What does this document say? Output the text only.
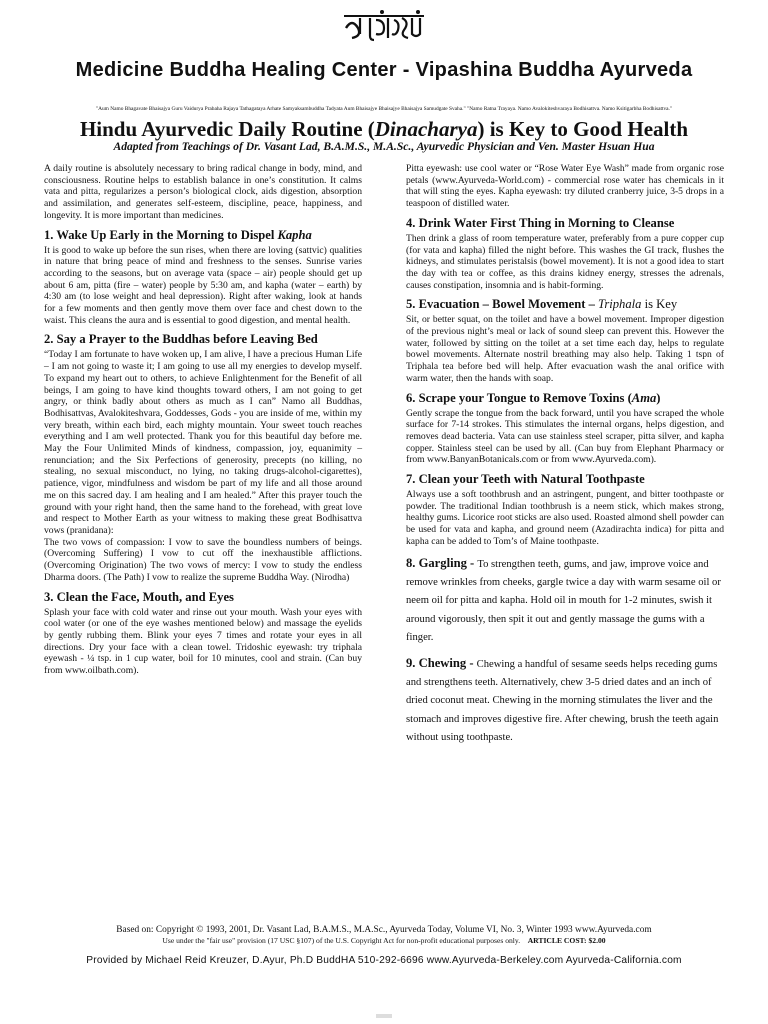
Medicine Buddha Healing Center - Vipashina Buddha Ayurveda
"Aum Namo Bhagavate Bhaisajya Guru Vaidurya Prabaha Rajaya Tathagataya Arhate Samyaksambuddha Tadyata Aum Bhaisajye Bhaisajye Bhaisajya Samudgate Svaha." "Namo Ratna Trayaya. Namo Avalokiteshvaraya Bodhisattva. Namo Ksitigarbha Bodhisattva."
Hindu Ayurvedic Daily Routine (Dinacharya) is Key to Good Health
Adapted from Teachings of Dr. Vasant Lad, B.A.M.S., M.A.Sc., Ayurvedic Physician and Ven. Master Hsuan Hua

A daily routine is absolutely necessary to bring radical change in body, mind, and consciousness. Routine helps to establish balance in one’s constitution. It calms vata and pitta, regularizes a person’s biological clock, aids digestion, absorption and assimilation, and generates self-esteem, discipline, peace, happiness, and longevity. It is more important than medicines.

1. Wake Up Early in the Morning to Dispel Kapha

It is good to wake up before the sun rises, when there are loving (sattvic) qualities in nature that bring peace of mind and freshness to the senses. Sunrise varies according to the seasons, but on average vata (space – air) people should get up about 6 am, pitta (fire – water) people by 5:30 am, and kapha (water – earth) by 4:30 am (to lose weight and heal depression). Right after waking, look at hands for a few moments and then gently move them over face and chest down to the waist. This cleans the aura and is essential to good digestion, and mental health.

2. Say a Prayer to the Buddhas before Leaving Bed

“Today I am fortunate to have woken up, I am alive, I have a precious Human Life – I am not going to waste it; I am going to use all my energies to develop myself. To expand my heart out to others, to achieve Enlightenment for the Benefit of all beings, I am going to have kind thoughts toward others, I am not going to get angry, or think badly about others as much as I can” Namo all Buddhas, Bodhisattvas, Avalokiteshvara, Goddesses, Gods - you are inside of me, within my very breath, within each bird, each mighty mountain. Your sweet touch reaches everything and I am well protected. Thank you for this beautiful day before me. May the Four Unlimited Minds of kindness, compassion, joy, equanimity – renunciation; and the Six Perfections of generosity, precepts (no killing, no stealing, no sexual misconduct, no lying, no taking drugs-alcohol-cigarettes), patience, vigor, mindfulness and wisdom be part of my life and all those around me on this sacred day. I am healing and I am healed.” After this prayer touch the ground with your right hand, then the same hand to the forehead, with great love and respect to Mother Earth as your witness to making these great Bodhisattva vows (pranidana):

The two vows of compassion: I vow to save the boundless numbers of beings. (Overcoming Suffering) I vow to cut off the inexhaustible afflictions. (Overcoming Origination) The two vows of mercy: I vow to study the endless Dharma doors. (The Path) I vow to realize the supreme Buddha Way. (Nirodha)

3. Clean the Face, Mouth, and Eyes

Splash your face with cold water and rinse out your mouth. Wash your eyes with cool water (or one of the eye washes mentioned below) and massage the eyelids by gently rubbing them. Blink your eyes 7 times and rotate your eyes in all directions. Dry your face with a clean towel. Tridoshic eyewash: try triphala eyewash - ¼ tsp. in 1 cup water, boil for 10 minutes, cool and strain. (Can buy from www.oilbath.com).

Pitta eyewash: use cool water or “Rose Water Eye Wash” made from organic rose petals (www.Ayurveda-World.com) - commercial rose water has chemicals in it that will sting the eyes. Kapha eyewash: try diluted cranberry juice, 3-5 drops in a teaspoon of distilled water.

4. Drink Water First Thing in Morning to Cleanse

Then drink a glass of room temperature water, preferably from a pure copper cup (for vata and kapha) filled the night before. This washes the GI track, flushes the kidneys, and stimulates peristalsis (bowel movement). It is not a good idea to start the day with tea or coffee, as this drains kidney energy, stresses the adrenals, causes constipation, insomnia and is habit-forming.

5. Evacuation – Bowel Movement – Triphala is Key

Sit, or better squat, on the toilet and have a bowel movement. Improper digestion of the previous night’s meal or lack of sound sleep can prevent this. However the water, followed by sitting on the toilet at a set time each day, helps to regulate bowel movements. Alternate nostril breathing may also help. Taking 1 tspn of Triphala tea before bed will help. After evacuation wash the anal orifice with warm water, then the hands with soap.

6. Scrape your Tongue to Remove Toxins (Ama)

Gently scrape the tongue from the back forward, until you have scraped the whole surface for 7-14 strokes. This stimulates the internal organs, helps digestion, and removes dead bacteria. Vata can use stainless steel scraper, pitta silver, and kapha copper. Stainless steel can be used by all. (Can buy from Elephant Pharmacy or from www.BanyanBotanicals.com or from www.Ayurveda.com).

7. Clean your Teeth with Natural Toothpaste

Always use a soft toothbrush and an astringent, pungent, and bitter toothpaste or powder. The traditional Indian toothbrush is a neem stick, which makes strong, healthy gums. Licorice root sticks are also used. Roasted almond shell powder can be used for vata and kapha, and ground neem (Azadirachta indica) for pitta and kapha can be added to Tom’s of Maine toothpaste.

8. Gargling - To strengthen teeth, gums, and jaw, improve voice and remove wrinkles from cheeks, gargle twice a day with warm sesame oil or neem oil for pitta and kapha. Hold oil in mouth for 1-2 minutes, swish it around vigorously, then spit it out and gently massage the gums with a finger.
9. Chewing - Chewing a handful of sesame seeds helps receding gums and strengthens teeth. Alternatively, chew 3-5 dried dates and an inch of dried coconut meat. Chewing in the morning stimulates the liver and the stomach and improves digestive fire. After chewing, brush the teeth again without using toothpaste.
Based on: Copyright © 1993, 2001, Dr. Vasant Lad, B.A.M.S., M.A.Sc., Ayurveda Today, Volume VI, No. 3, Winter 1993 www.Ayurveda.com
Use under the "fair use" provision (17 USC §107) of the U.S. Copyright Act for non-profit educational purposes only. ARTICLE COST: $2.00
Provided by Michael Reid Kreuzer, D.Ayur, Ph.D BuddHA 510-292-6696 www.Ayurveda-Berkeley.com Ayurveda-California.com
